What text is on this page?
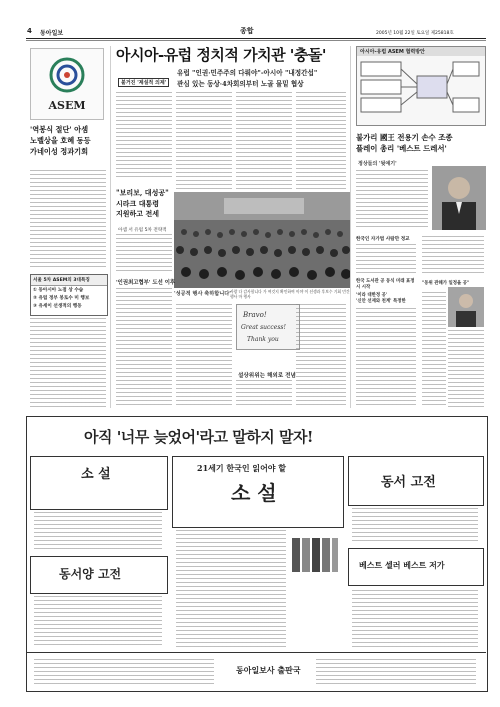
4 동아일보	종합	2005년 10월 22일 토요일 제25818호
ASEM
'역봉식 절단' 아셈
노벨상을 호혜 동등
가네이성 정과기회
서울 5차 ASEM의 3대특징
① 동아시아 노점 상 수습
② 유럽 정부 봉토수 미 행보
③ 유세이 선생적의 행동
아시아-유럽 정치적 가치관 '충돌'
유럽 "인권·민주주의 다뤄야"-아시아 "내정간섭"
관심 있는 동상·4차회의부터 노골 물밑 협상
불거진 '제설적 의제'
'성공적 행사 축하합니다' 사랑 다 감사합니다 가 여깃지 확인하여 이야 이 선생과 후보수 기회 민간 행사 마 행사
"보리보, 대성공"
시라크 대통령
지원하고 전세
아셈 서 유럽 5차 전략적
'인권최고협부' 도선 이후
Bravo!
Great success!
Thank you
설상위위는 해외로 전념
아시아-유럽 ASEM 협력방안
불가리 國王 전용기 손수 조종
플레이 총리 '베스트 드레서'
정상들의 '뒷얘기'
한국인 자가법 사람만 정교
한국 도서관 공 동식 미래 표정시 시작
'이라 대한정 공'
'신안 선재와 천계' 특정한
"동위 관해가 일정을 공"
아직 '너무 늦었어'라고 말하지 말자!
소 설
동서양 고전
21세기 한국인 읽어야 할
소 설	동서 고전
베스트 셀러 베스트 저가
동아일보사 출판국
